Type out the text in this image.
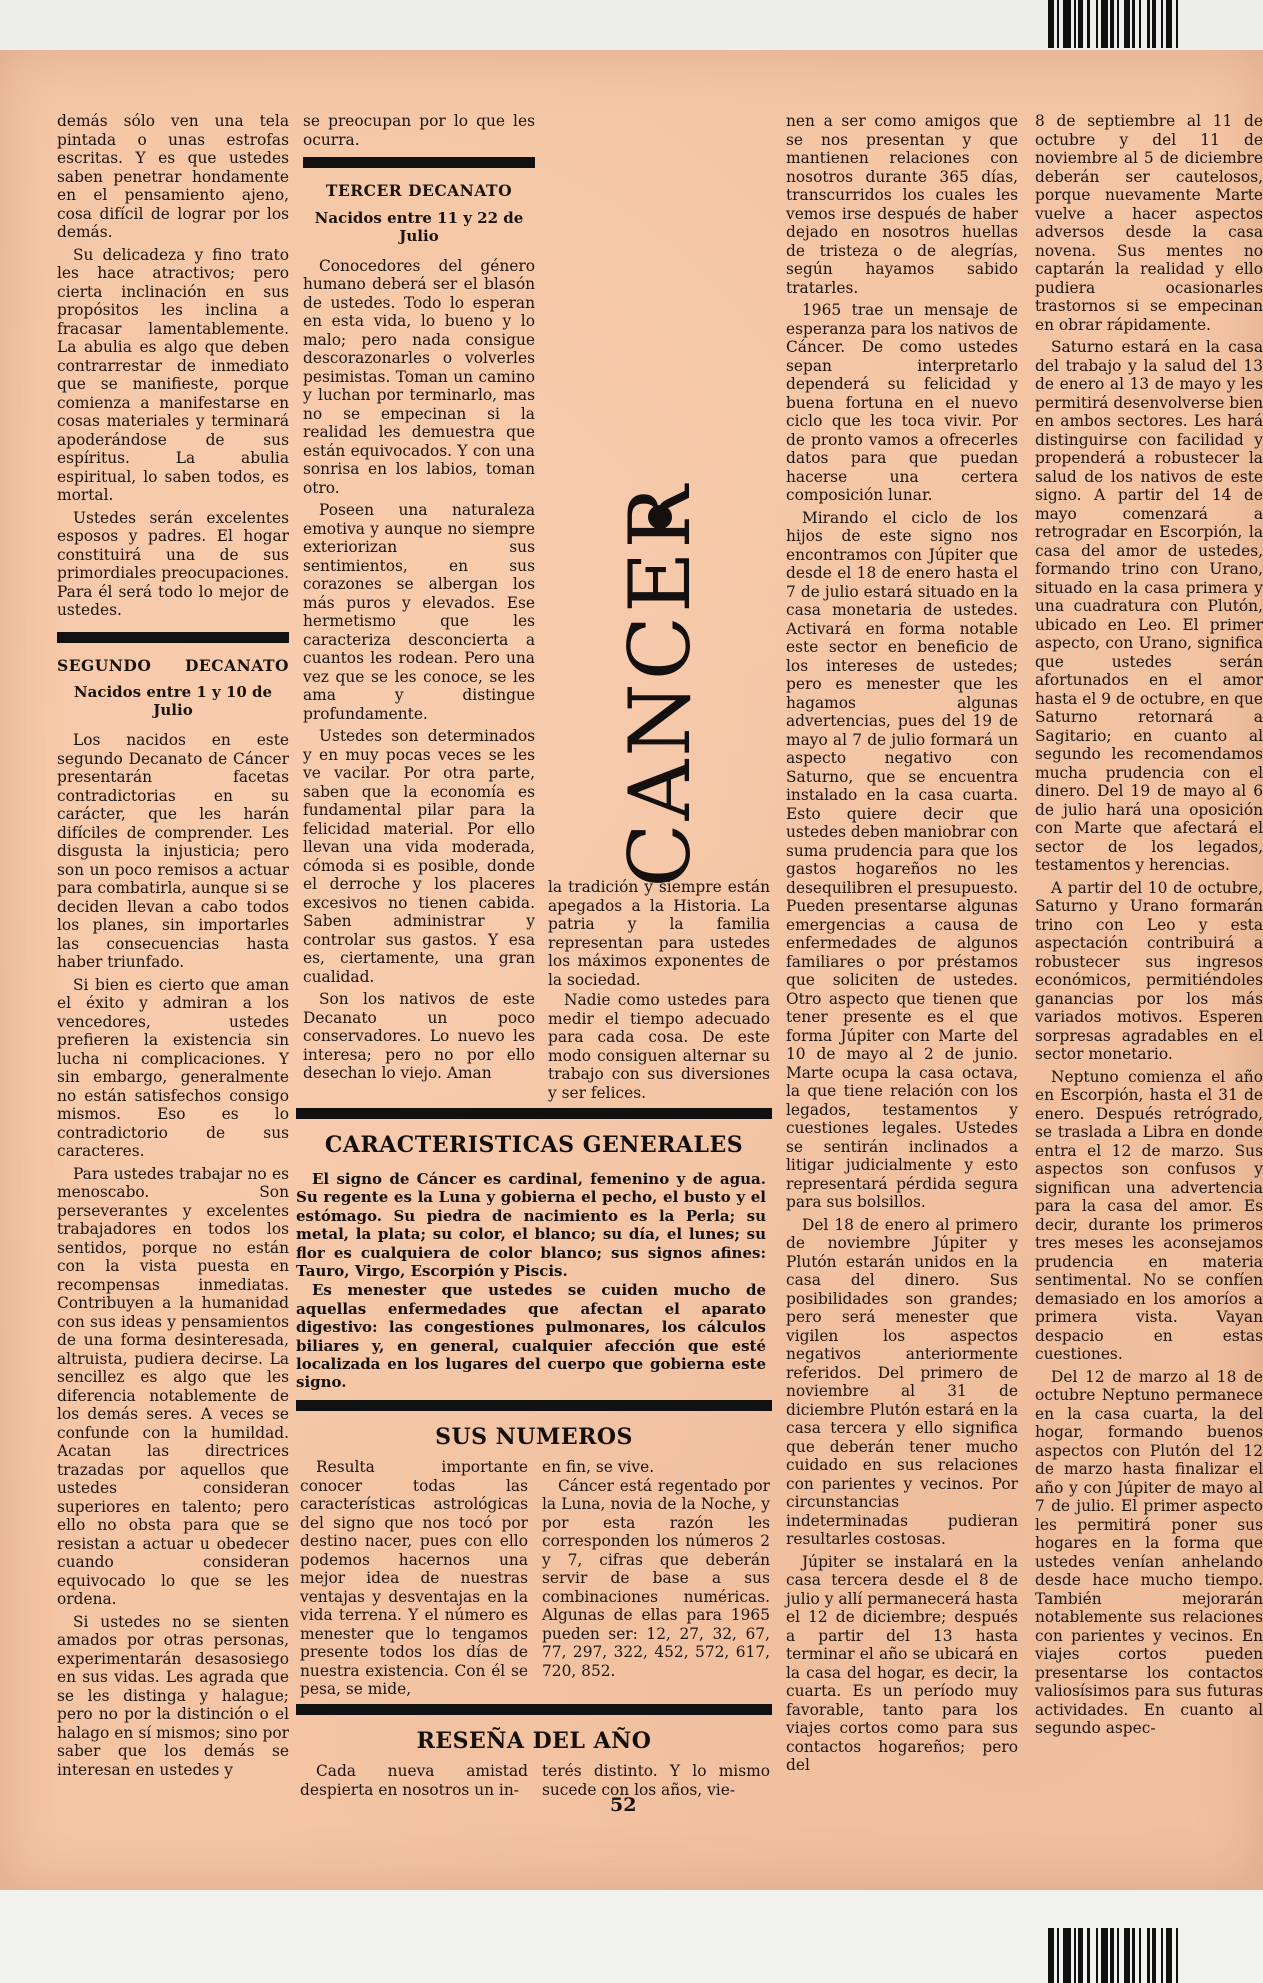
demás sólo ven una tela pintada o unas estrofas escritas. Y es que ustedes saben penetrar hondamente en el pensamiento ajeno, cosa difícil de lograr por los demás.

Su delicadeza y fino trato les hace atractivos; pero cierta inclinación en sus propósitos les inclina a fracasar lamentablemente. La abulia es algo que deben contrarrestar de inmediato que se manifieste, porque comienza a manifestarse en cosas materiales y terminará apoderándose de sus espíritus. La abulia espiritual, lo saben todos, es mortal.

Ustedes serán excelentes esposos y padres. El hogar constituirá una de sus primordiales preocupaciones. Para él será todo lo mejor de ustedes.

SEGUNDO DECANATO
Nacidos entre 1 y 10 de Julio

Los nacidos en este segundo Decanato de Cáncer presentarán facetas contradictorias en su carácter, que les harán difíciles de comprender. Les disgusta la injusticia; pero son un poco remisos a actuar para combatirla, aunque si se deciden llevan a cabo todos los planes, sin importarles las consecuencias hasta haber triunfado.

Si bien es cierto que aman el éxito y admiran a los vencedores, ustedes prefieren la existencia sin lucha ni complicaciones. Y sin embargo, generalmente no están satisfechos consigo mismos. Eso es lo contradictorio de sus caracteres.

Para ustedes trabajar no es menoscabo. Son perseverantes y excelentes trabajadores en todos los sentidos, porque no están con la vista puesta en recompensas inmediatas. Contribuyen a la humanidad con sus ideas y pensamientos de una forma desinteresada, altruista, pudiera decirse. La sencillez es algo que les diferencia notablemente de los demás seres. A veces se confunde con la humildad. Acatan las directrices trazadas por aquellos que ustedes consideran superiores en talento; pero ello no obsta para que se resistan a actuar u obedecer cuando consideran equivocado lo que se les ordena.

Si ustedes no se sienten amados por otras personas, experimentarán desasosiego en sus vidas. Les agrada que se les distinga y halague; pero no por la distinción o el halago en sí mismos; sino por saber que los demás se interesan en ustedes y

se preocupan por lo que les ocurra.

TERCER DECANATO
Nacidos entre 11 y 22 de Julio

Conocedores del género humano deberá ser el blasón de ustedes. Todo lo esperan en esta vida, lo bueno y lo malo; pero nada consigue descorazonarles o volverles pesimistas. Toman un camino y luchan por terminarlo, mas no se empecinan si la realidad les demuestra que están equivocados. Y con una sonrisa en los labios, toman otro.

Poseen una naturaleza emotiva y aunque no siempre exteriorizan sus sentimientos, en sus corazones se albergan los más puros y elevados. Ese hermetismo que les caracteriza desconcierta a cuantos les rodean. Pero una vez que se les conoce, se les ama y distingue profundamente.

Ustedes son determinados y en muy pocas veces se les ve vacilar. Por otra parte, saben que la economía es fundamental pilar para la felicidad material. Por ello llevan una vida moderada, cómoda si es posible, donde el derroche y los placeres excesivos no tienen cabida. Saben administrar y controlar sus gastos. Y esa es, ciertamente, una gran cualidad.

Son los nativos de este Decanato un poco conservadores. Lo nuevo les interesa; pero no por ello desechan lo viejo. Aman

CANCER

la tradición y siempre están apegados a la Historia. La patria y la familia representan para ustedes los máximos exponentes de la sociedad.

Nadie como ustedes para medir el tiempo adecuado para cada cosa. De este modo consiguen alternar su trabajo con sus diversiones y ser felices.

CARACTERISTICAS GENERALES

El signo de Cáncer es cardinal, femenino y de agua. Su regente es la Luna y gobierna el pecho, el busto y el estómago. Su piedra de nacimiento es la Perla; su metal, la plata; su color, el blanco; su día, el lunes; su flor es cualquiera de color blanco; sus signos afines: Tauro, Virgo, Escorpión y Piscis.

Es menester que ustedes se cuiden mucho de aquellas enfermedades que afectan el aparato digestivo: las congestiones pulmonares, los cálculos biliares y, en general, cualquier afección que esté localizada en los lugares del cuerpo que gobierna este signo.

SUS NUMEROS

Resulta importante conocer todas las características astrológicas del signo que nos tocó por destino nacer, pues con ello podemos hacernos una mejor idea de nuestras ventajas y desventajas en la vida terrena. Y el número es menester que lo tengamos presente todos los días de nuestra existencia. Con él se pesa, se mide,

en fin, se vive.

Cáncer está regentado por la Luna, novia de la Noche, y por esta razón les corresponden los números 2 y 7, cifras que deberán servir de base a sus combinaciones numéricas. Algunas de ellas para 1965 pueden ser: 12, 27, 32, 67, 77, 297, 322, 452, 572, 617, 720, 852.

RESEÑA DEL AÑO

Cada nueva amistad despierta en nosotros un in-

terés distinto. Y lo mismo sucede con los años, vie-

nen a ser como amigos que se nos presentan y que mantienen relaciones con nosotros durante 365 días, transcurridos los cuales les vemos irse después de haber dejado en nosotros huellas de tristeza o de alegrías, según hayamos sabido tratarles.

1965 trae un mensaje de esperanza para los nativos de Cáncer. De como ustedes sepan interpretarlo dependerá su felicidad y buena fortuna en el nuevo ciclo que les toca vivir. Por de pronto vamos a ofrecerles datos para que puedan hacerse una certera composición lunar.

Mirando el ciclo de los hijos de este signo nos encontramos con Júpiter que desde el 18 de enero hasta el 7 de julio estará situado en la casa monetaria de ustedes. Activará en forma notable este sector en beneficio de los intereses de ustedes; pero es menester que les hagamos algunas advertencias, pues del 19 de mayo al 7 de julio formará un aspecto negativo con Saturno, que se encuentra instalado en la casa cuarta. Esto quiere decir que ustedes deben maniobrar con suma prudencia para que los gastos hogareños no les desequilibren el presupuesto. Pueden presentarse algunas emergencias a causa de enfermedades de algunos familiares o por préstamos que soliciten de ustedes. Otro aspecto que tienen que tener presente es el que forma Júpiter con Marte del 10 de mayo al 2 de junio. Marte ocupa la casa octava, la que tiene relación con los legados, testamentos y cuestiones legales. Ustedes se sentirán inclinados a litigar judicialmente y esto representará pérdida segura para sus bolsillos.

Del 18 de enero al primero de noviembre Júpiter y Plutón estarán unidos en la casa del dinero. Sus posibilidades son grandes; pero será menester que vigilen los aspectos negativos anteriormente referidos. Del primero de noviembre al 31 de diciembre Plutón estará en la casa tercera y ello significa que deberán tener mucho cuidado en sus relaciones con parientes y vecinos. Por circunstancias indeterminadas pudieran resultarles costosas.

Júpiter se instalará en la casa tercera desde el 8 de julio y allí permanecerá hasta el 12 de diciembre; después a partir del 13 hasta terminar el año se ubicará en la casa del hogar, es decir, la cuarta. Es un período muy favorable, tanto para los viajes cortos como para sus contactos hogareños; pero del

8 de septiembre al 11 de octubre y del 11 de noviembre al 5 de diciembre deberán ser cautelosos, porque nuevamente Marte vuelve a hacer aspectos adversos desde la casa novena. Sus mentes no captarán la realidad y ello pudiera ocasionarles trastornos si se empecinan en obrar rápidamente.

Saturno estará en la casa del trabajo y la salud del 13 de enero al 13 de mayo y les permitirá desenvolverse bien en ambos sectores. Les hará distinguirse con facilidad y propenderá a robustecer la salud de los nativos de este signo. A partir del 14 de mayo comenzará a retrogradar en Escorpión, la casa del amor de ustedes, formando trino con Urano, situado en la casa primera y una cuadratura con Plutón, ubicado en Leo. El primer aspecto, con Urano, significa que ustedes serán afortunados en el amor hasta el 9 de octubre, en que Saturno retornará a Sagitario; en cuanto al segundo les recomendamos mucha prudencia con el dinero. Del 19 de mayo al 6 de julio hará una oposición con Marte que afectará el sector de los legados, testamentos y herencias.

A partir del 10 de octubre, Saturno y Urano formarán trino con Leo y esta aspectación contribuirá a robustecer sus ingresos económicos, permitiéndoles ganancias por los más variados motivos. Esperen sorpresas agradables en el sector monetario.

Neptuno comienza el año en Escorpión, hasta el 31 de enero. Después retrógrado, se traslada a Libra en donde entra el 12 de marzo. Sus aspectos son confusos y significan una advertencia para la casa del amor. Es decir, durante los primeros tres meses les aconsejamos prudencia en materia sentimental. No se confíen demasiado en los amoríos a primera vista. Vayan despacio en estas cuestiones.

Del 12 de marzo al 18 de octubre Neptuno permanece en la casa cuarta, la del hogar, formando buenos aspectos con Plutón del 12 de marzo hasta finalizar el año y con Júpiter de mayo al 7 de julio. El primer aspecto les permitirá poner sus hogares en la forma que ustedes venían anhelando desde hace mucho tiempo. También mejorarán notablemente sus relaciones con parientes y vecinos. En viajes cortos pueden presentarse los contactos valiosísimos para sus futuras actividades. En cuanto al segundo aspec-

52
